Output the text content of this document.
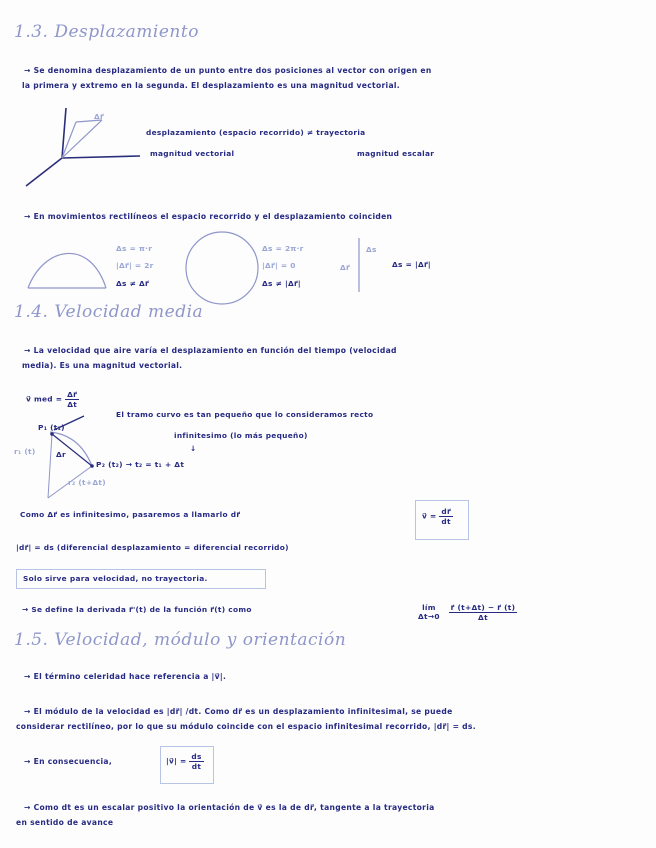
1.3. Desplazamiento
→ Se denomina desplazamiento de un punto entre dos posiciones al vector con origen en
la primera y extremo en la segunda. El desplazamiento es una magnitud vectorial.
Δr⃗
desplazamiento (espacio recorrido) ≠ trayectoria
magnitud vectorial	magnitud escalar
→ En movimientos rectilíneos el espacio recorrido y el desplazamiento coinciden
Δs = π·r
|Δr⃗| = 2r
Δs ≠ Δr⃗
Δs = 2π·r
|Δr⃗| = 0
Δs ≠ |Δr⃗|
Δr⃗
Δs
Δs = |Δr⃗|
1.4. Velocidad media
→ La velocidad que aire varía el desplazamiento en función del tiempo (velocidad
media). Es una magnitud vectorial.
v⃗ med = $\frac{\Delta r⃗}{\Delta t}$
El tramo curvo es tan pequeño que lo consideramos recto
infinitesimo (lo más pequeño)
↓
P₁ (t₁)
r₁ (t)	Δr
P₂ (t₂) → t₂ = t₁ + Δt
r₂ (t+Δt)
Como Δr⃗ es infinitesimo, pasaremos a llamarlo dr⃗	v⃗ = $\frac{dr⃗}{dt}$
|dr⃗| = ds (diferencial desplazamiento = diferencial recorrido)
Solo sirve para velocidad, no trayectoria.
→ Se define la derivada r⃗'(t) de la función r⃗(t) como	lím
Δt→0
$\frac{r⃗ (t+\Delta t) - r⃗ (t)}{\Delta t}$
1.5. Velocidad, módulo y orientación
→ El término celeridad hace referencia a |v⃗|.
→ El módulo de la velocidad es |dr⃗| /dt. Como dr⃗ es un desplazamiento infinitesimal, se puede
considerar rectilíneo, por lo que su módulo coincide con el espacio infinitesimal recorrido, |dr⃗| = ds.
→ En consecuencia,	|v⃗| = $\frac{ds}{dt}$
→ Como dt es un escalar positivo la orientación de v⃗ es la de dr⃗, tangente a la trayectoria
en sentido de avance
